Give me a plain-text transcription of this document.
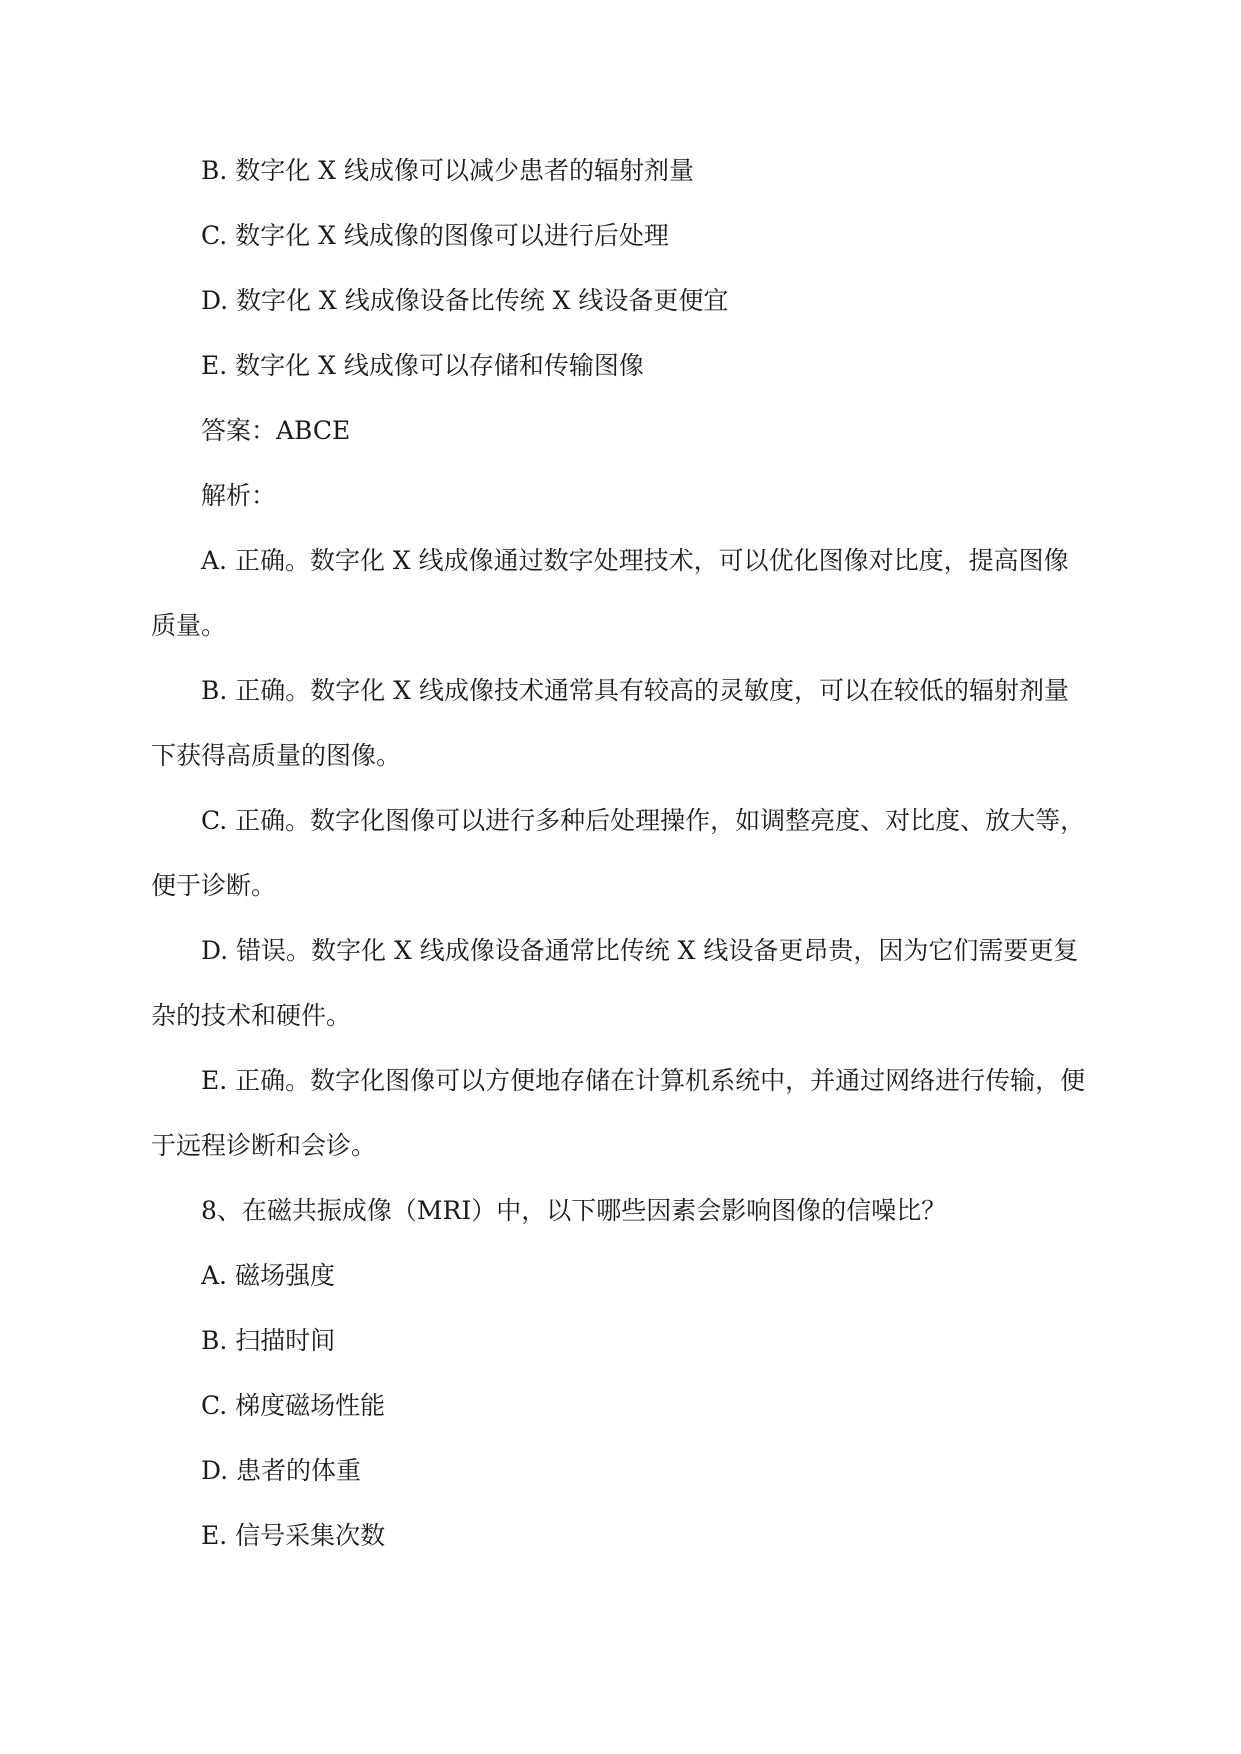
B. 数字化 X 线成像可以减少患者的辐射剂量

C. 数字化 X 线成像的图像可以进行后处理

D. 数字化 X 线成像设备比传统 X 线设备更便宜

E. 数字化 X 线成像可以存储和传输图像

答案：ABCE

解析：

A. 正确。数字化 X 线成像通过数字处理技术，可以优化图像对比度，提高图像质量。

B. 正确。数字化 X 线成像技术通常具有较高的灵敏度，可以在较低的辐射剂量下获得高质量的图像。

C. 正确。数字化图像可以进行多种后处理操作，如调整亮度、对比度、放大等，便于诊断。

D. 错误。数字化 X 线成像设备通常比传统 X 线设备更昂贵，因为它们需要更复杂的技术和硬件。

E. 正确。数字化图像可以方便地存储在计算机系统中，并通过网络进行传输，便于远程诊断和会诊。

8、在磁共振成像（MRI）中，以下哪些因素会影响图像的信噪比？

A. 磁场强度

B. 扫描时间

C. 梯度磁场性能

D. 患者的体重

E. 信号采集次数
